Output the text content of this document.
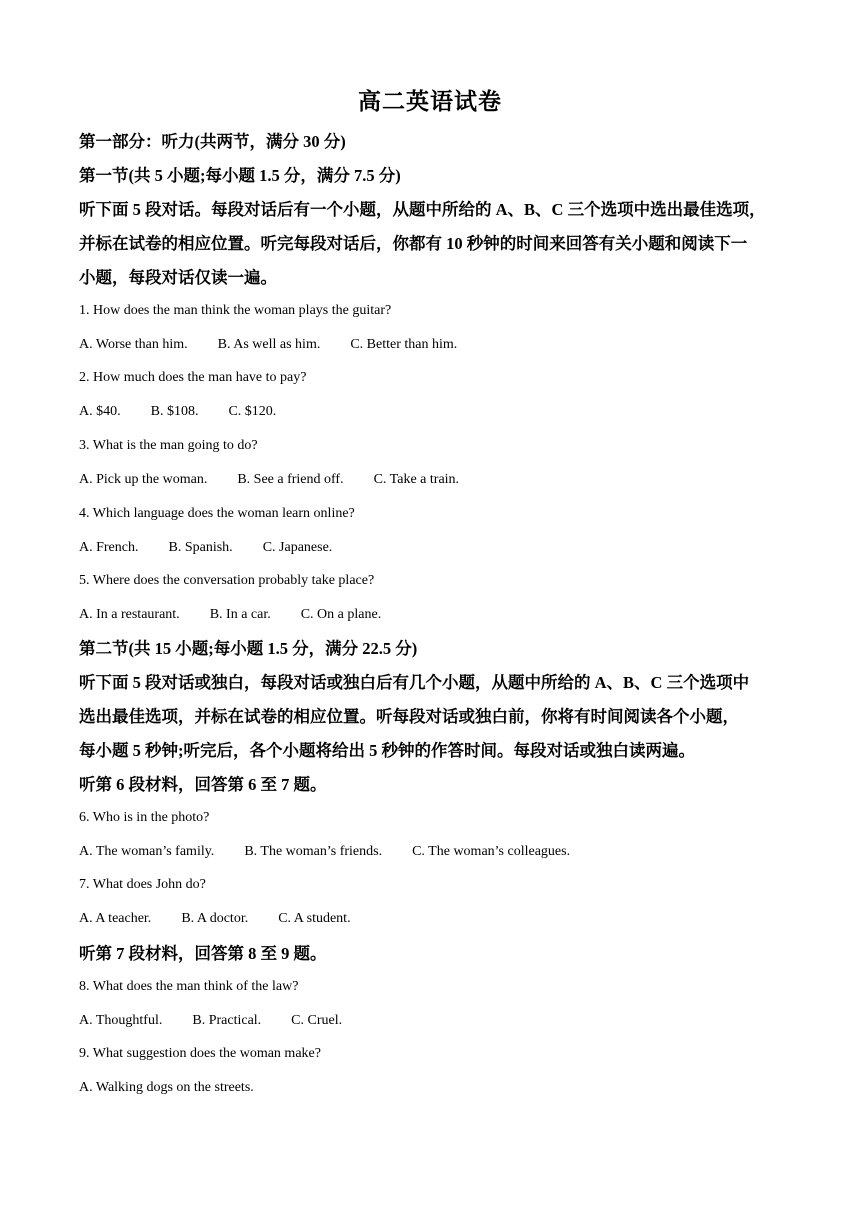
高二英语试卷
第一部分：听力(共两节，满分 30 分)
第一节(共 5 小题;每小题 1.5 分，满分 7.5 分)
听下面 5 段对话。每段对话后有一个小题，从题中所给的 A、B、C 三个选项中选出最佳选项，
并标在试卷的相应位置。听完每段对话后，你都有 10 秒钟的时间来回答有关小题和阅读下一
小题，每段对话仅读一遍。
1. How does the man think the woman plays the guitar?
A. Worse than him. B. As well as him. C. Better than him.
2. How much does the man have to pay?
A. $40. B. $108. C. $120.
3. What is the man going to do?
A. Pick up the woman. B. See a friend off. C. Take a train.
4. Which language does the woman learn online?
A. French. B. Spanish. C. Japanese.
5. Where does the conversation probably take place?
A. In a restaurant. B. In a car. C. On a plane.
第二节(共 15 小题;每小题 1.5 分，满分 22.5 分)
听下面 5 段对话或独白，每段对话或独白后有几个小题，从题中所给的 A、B、C 三个选项中
选出最佳选项，并标在试卷的相应位置。听每段对话或独白前，你将有时间阅读各个小题，
每小题 5 秒钟;听完后，各个小题将给出 5 秒钟的作答时间。每段对话或独白读两遍。
听第 6 段材料，回答第 6 至 7 题。
6. Who is in the photo?
A. The woman’s family. B. The woman’s friends. C. The woman’s colleagues.
7. What does John do?
A. A teacher. B. A doctor. C. A student.
听第 7 段材料，回答第 8 至 9 题。
8. What does the man think of the law?
A. Thoughtful. B. Practical. C. Cruel.
9. What suggestion does the woman make?
A. Walking dogs on the streets.
